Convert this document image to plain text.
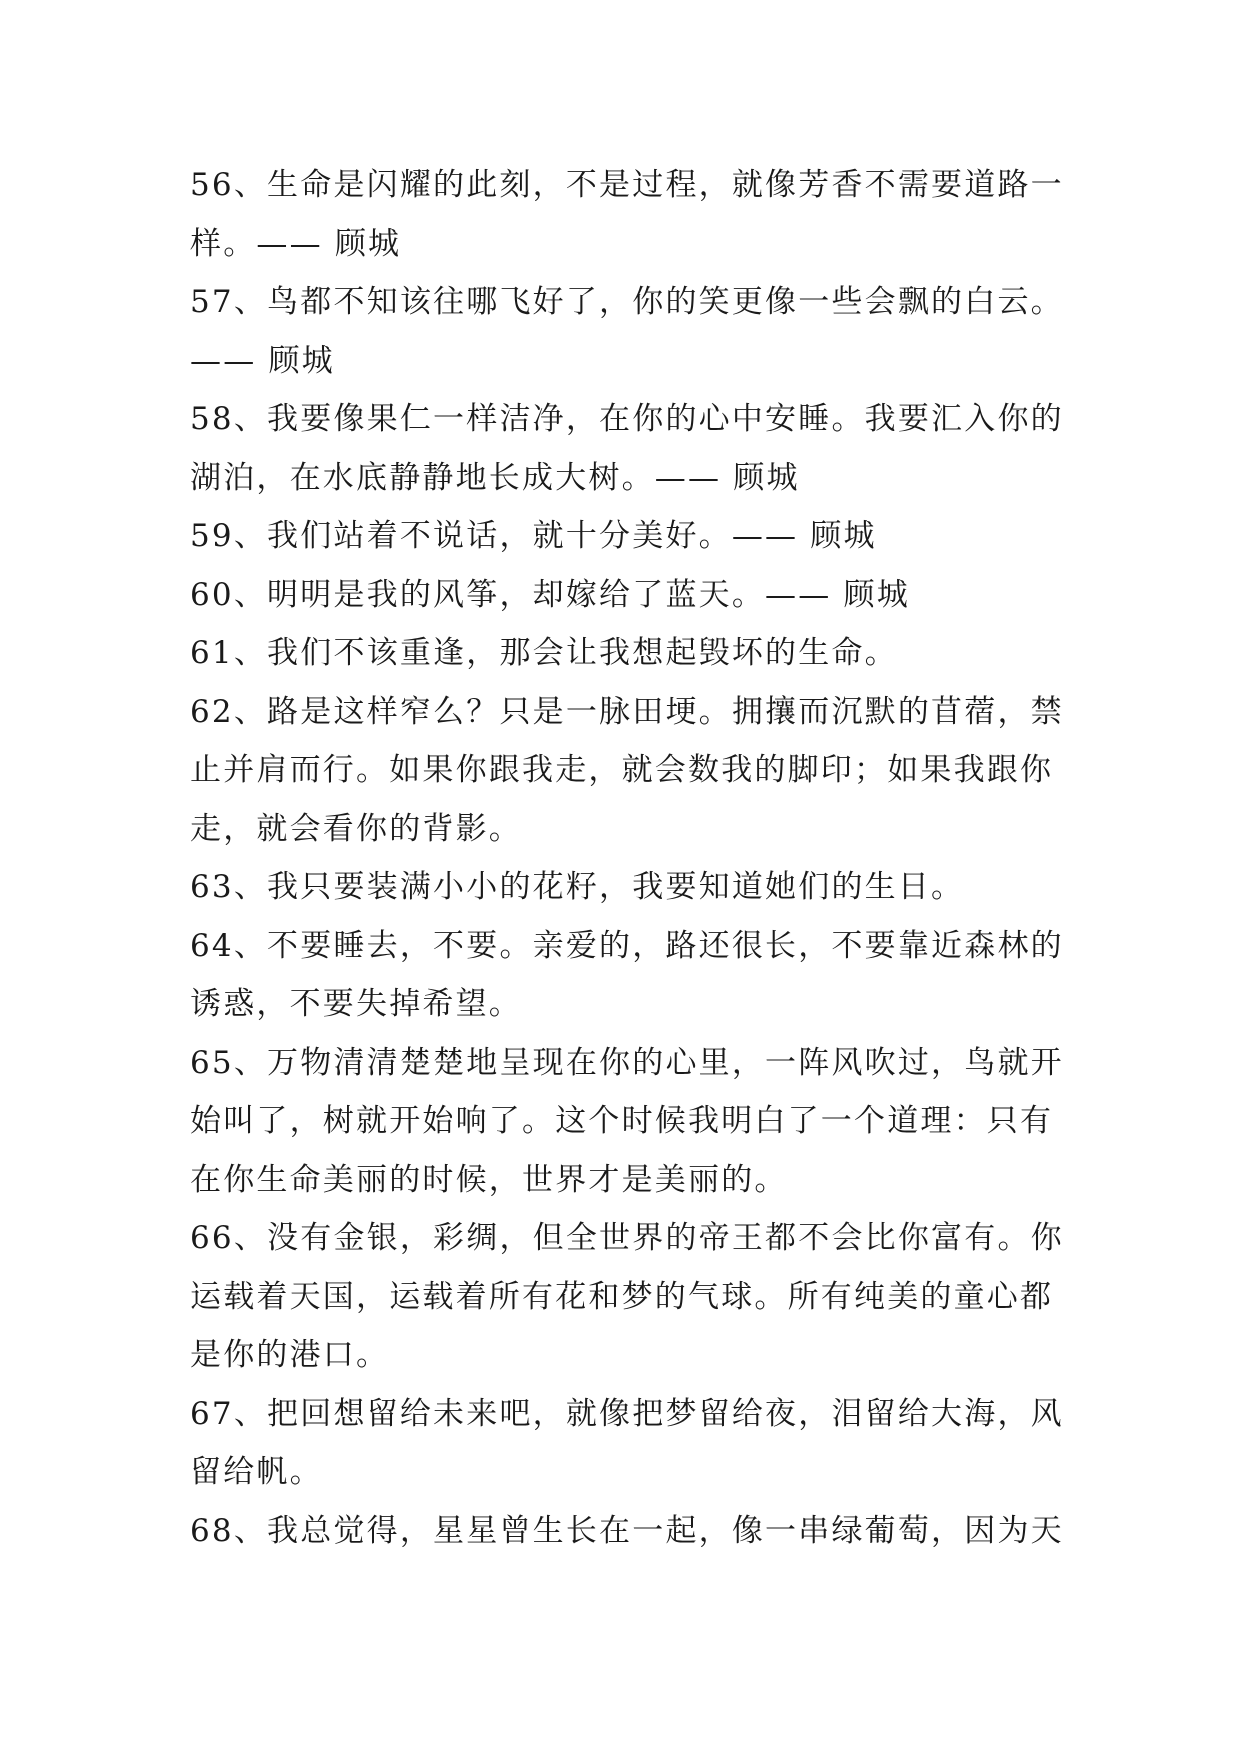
56、生命是闪耀的此刻，不是过程，就像芳香不需要道路一样。—— 顾城

57、鸟都不知该往哪飞好了，你的笑更像一些会飘的白云。—— 顾城

58、我要像果仁一样洁净，在你的心中安睡。我要汇入你的湖泊，在水底静静地长成大树。—— 顾城

59、我们站着不说话，就十分美好。—— 顾城

60、明明是我的风筝，却嫁给了蓝天。—— 顾城

61、我们不该重逢，那会让我想起毁坏的生命。

62、路是这样窄么？只是一脉田埂。拥攘而沉默的苜蓿，禁止并肩而行。如果你跟我走，就会数我的脚印；如果我跟你走，就会看你的背影。

63、我只要装满小小的花籽，我要知道她们的生日。

64、不要睡去，不要。亲爱的，路还很长，不要靠近森林的诱惑，不要失掉希望。

65、万物清清楚楚地呈现在你的心里，一阵风吹过，鸟就开始叫了，树就开始响了。这个时候我明白了一个道理：只有在你生命美丽的时候，世界才是美丽的。

66、没有金银，彩绸，但全世界的帝王都不会比你富有。你运载着天国，运载着所有花和梦的气球。所有纯美的童心都是你的港口。

67、把回想留给未来吧，就像把梦留给夜，泪留给大海，风留给帆。

68、我总觉得，星星曾生长在一起，像一串绿葡萄，因为天
